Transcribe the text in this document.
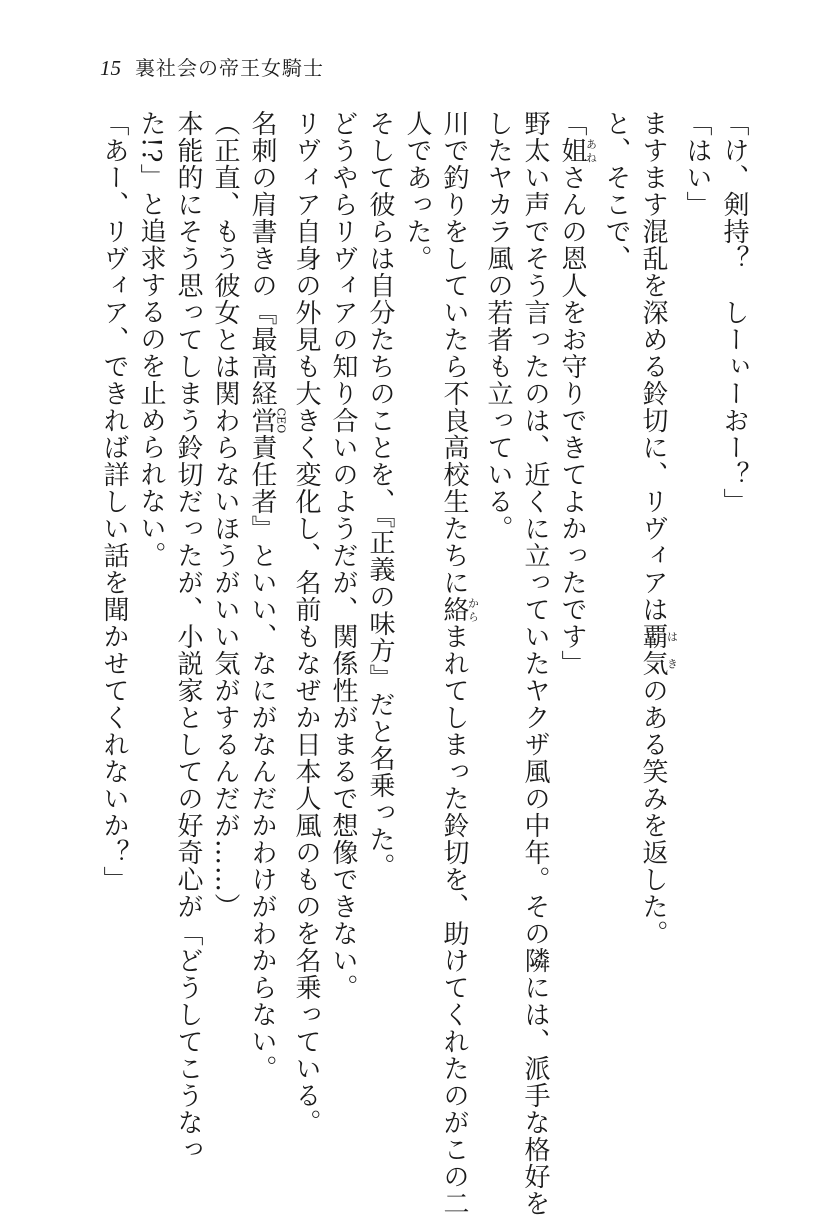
15 裏社会の帝王女騎士

「け、剣持？　しーぃーおー？」

「はい」

ますます混乱を深める鈴切に、リヴィアは覇気はきのある笑みを返した。

と、そこで、

「姐あねさんの恩人をお守りできてよかったです」

野太い声でそう言ったのは、近くに立っていたヤクザ風の中年。その隣には、派手な格好を

したヤカラ風の若者も立っている。

川で釣りをしていたら不良高校生たちに絡からまれてしまった鈴切を、助けてくれたのがこの二

人であった。

そして彼らは自分たちのことを、『正義の味方』だと名乗った。

どうやらリヴィアの知り合いのようだが、関係性がまるで想像できない。

リヴィア自身の外見も大きく変化し、名前もなぜか日本人風のものを名乗っている。

名刺の肩書きの『最高経営責任者CEO』といい、なにがなんだかわけがわからない。

（正直、もう彼女とは関わらないほうがいい気がするんだが……）

本能的にそう思ってしまう鈴切だったが、小説家としての好奇心が「どうしてこうなっ

た!?」と追求するのを止められない。

「あー、リヴィア、できれば詳しい話を聞かせてくれないか？」
